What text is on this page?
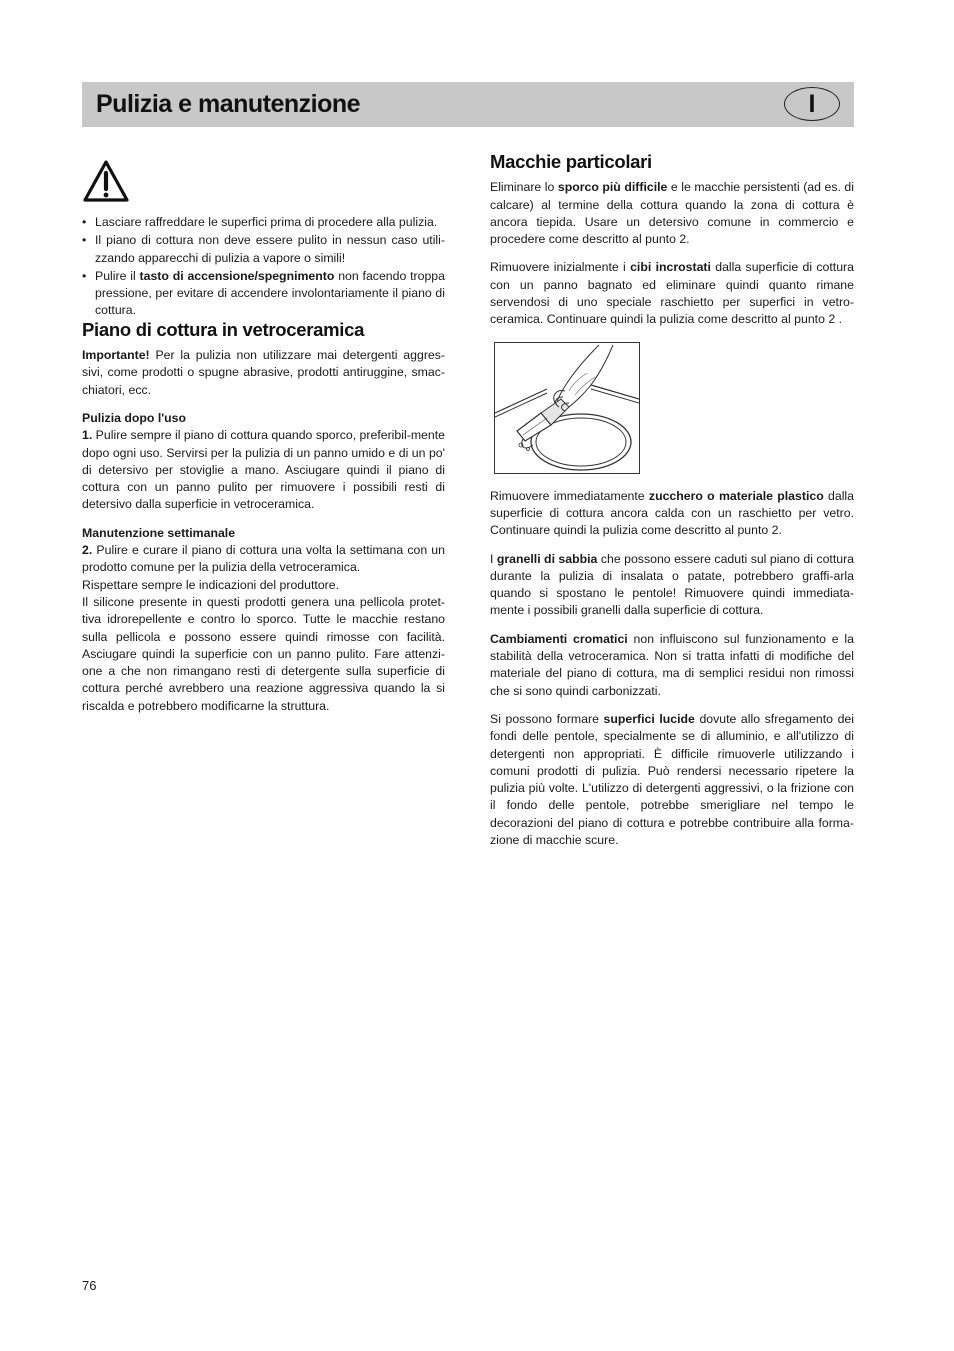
Pulizia e manutenzione	I
• Lasciare raffreddare le superfici prima di procedere alla pulizia.
• Il piano di cottura non deve essere pulito in nessun caso utili-zzando apparecchi di pulizia a vapore o simili!
• Pulire il tasto di accensione/spegnimento non facendo troppa pressione, per evitare di accendere involontariamente il piano di cottura.
Piano di cottura in vetroceramica

Importante! Per la pulizia non utilizzare mai detergenti aggres-sivi, come prodotti o spugne abrasive, prodotti antiruggine, smac-chiatori, ecc.

Pulizia dopo l'uso

1. Pulire sempre il piano di cottura quando sporco, preferibil-mente dopo ogni uso. Servirsi per la pulizia di un panno umido e di un po' di detersivo per stoviglie a mano. Asciugare quindi il piano di cottura con un panno pulito per rimuovere i possibili resti di detersivo dalla superficie in vetroceramica.

Manutenzione settimanale

2. Pulire e curare il piano di cottura una volta la settimana con un prodotto comune per la pulizia della vetroceramica.

Rispettare sempre le indicazioni del produttore.

Il silicone presente in questi prodotti genera una pellicola protet-tiva idrorepellente e contro lo sporco. Tutte le macchie restano sulla pellicola e possono essere quindi rimosse con facilità. Asciugare quindi la superficie con un panno pulito. Fare attenzi-one a che non rimangano resti di detergente sulla superficie di cottura perché avrebbero una reazione aggressiva quando la si riscalda e potrebbero modificarne la struttura.

Macchie particolari

Eliminare lo sporco più difficile e le macchie persistenti (ad es. di calcare) al termine della cottura quando la zona di cottura è ancora tiepida. Usare un detersivo comune in commercio e procedere come descritto al punto 2.

Rimuovere inizialmente i cibi incrostati dalla superficie di cottura con un panno bagnato ed eliminare quindi quanto rimane servendosi di uno speciale raschietto per superfici in vetro-ceramica. Continuare quindi la pulizia come descritto al punto 2 .

Rimuovere immediatamente zucchero o materiale plastico dalla superficie di cottura ancora calda con un raschietto per vetro. Continuare quindi la pulizia come descritto al punto 2.

I granelli di sabbia che possono essere caduti sul piano di cottura durante la pulizia di insalata o patate, potrebbero graffi-arla quando si spostano le pentole! Rimuovere quindi immediata-mente i possibili granelli dalla superficie di cottura.

Cambiamenti cromatici non influiscono sul funzionamento e la stabilità della vetroceramica. Non si tratta infatti di modifiche del materiale del piano di cottura, ma di semplici residui non rimossi che si sono quindi carbonizzati.

Si possono formare superfici lucide dovute allo sfregamento dei fondi delle pentole, specialmente se di alluminio, e all'utilizzo di detergenti non appropriati. È difficile rimuoverle utilizzando i comuni prodotti di pulizia. Può rendersi necessario ripetere la pulizia più volte. L'utilizzo di detergenti aggressivi, o la frizione con il fondo delle pentole, potrebbe smerigliare nel tempo le decorazioni del piano di cottura e potrebbe contribuire alla forma-zione di macchie scure.

76
